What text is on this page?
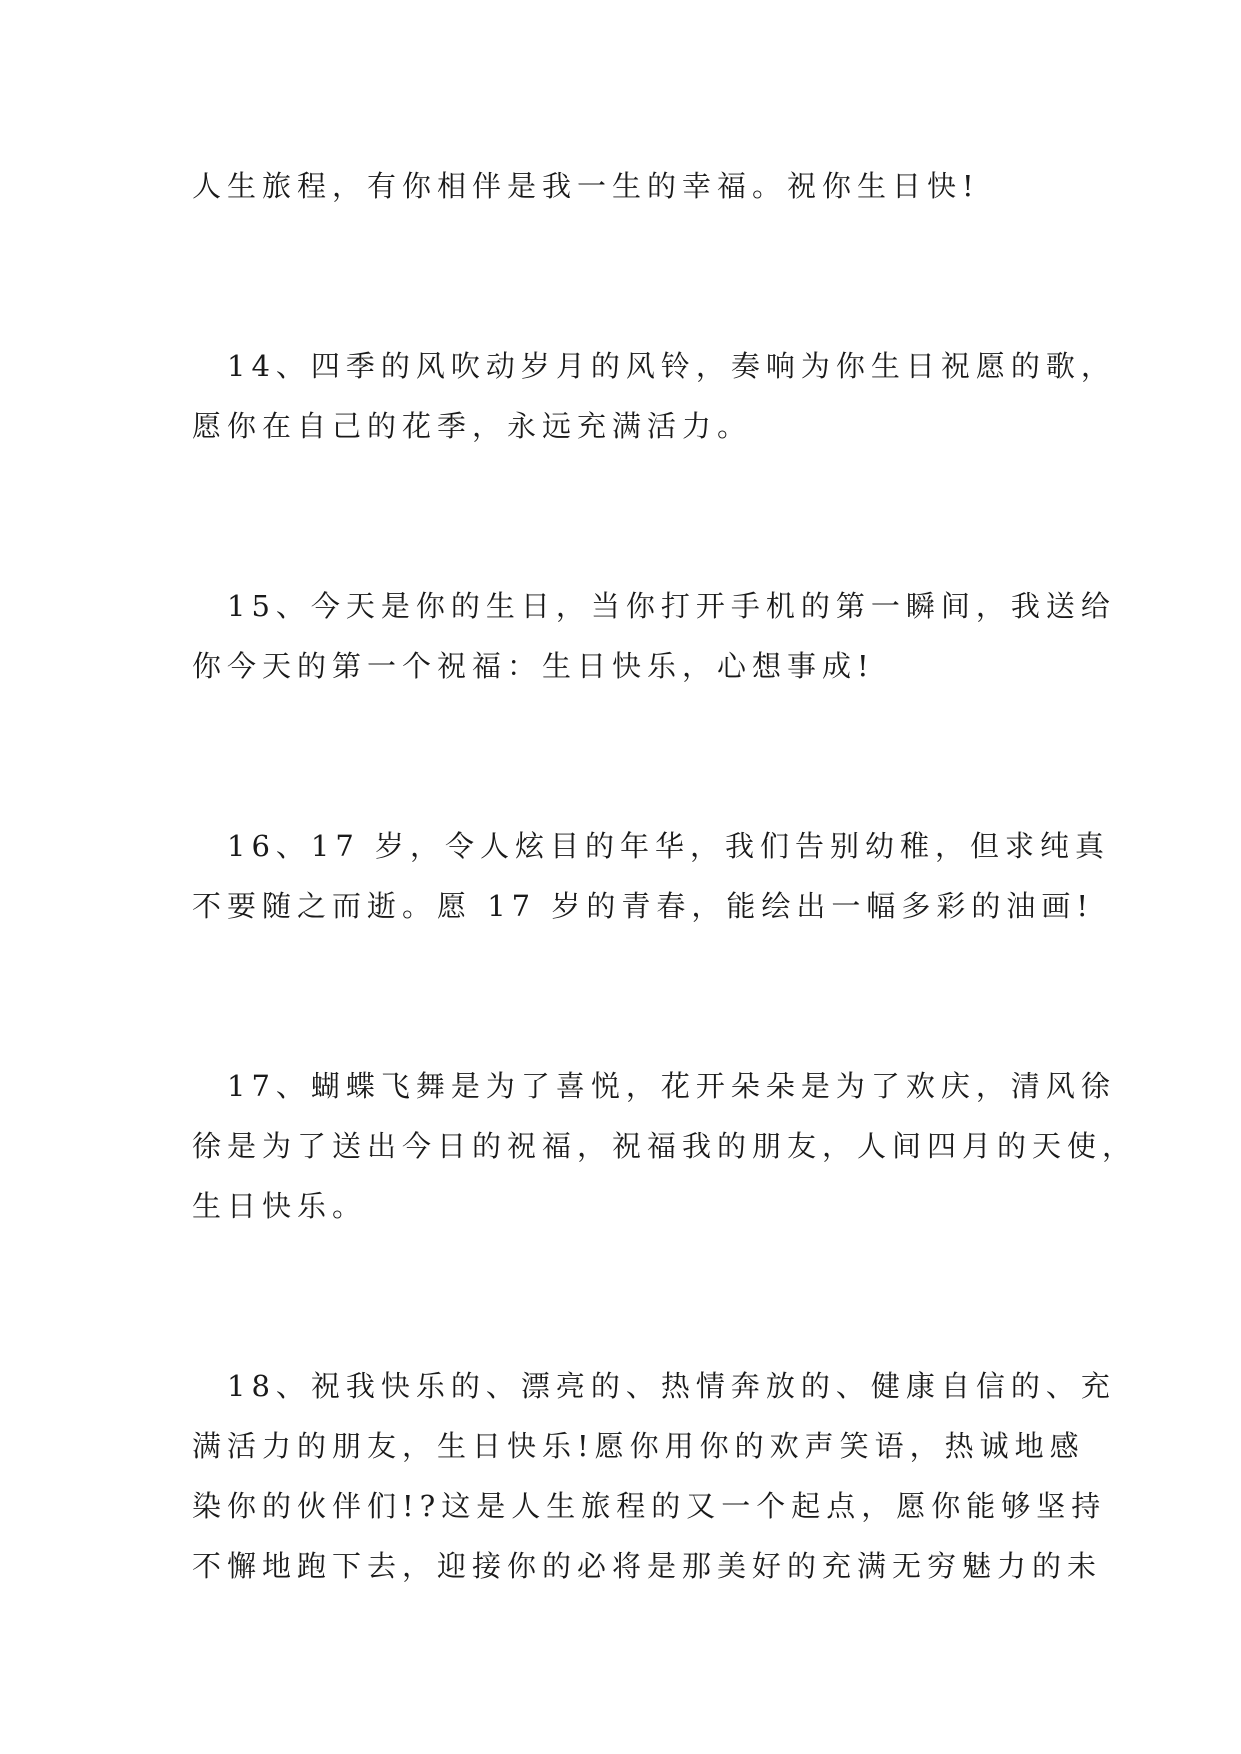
人生旅程，有你相伴是我一生的幸福。祝你生日快!

　14、四季的风吹动岁月的风铃，奏响为你生日祝愿的歌，
愿你在自己的花季，永远充满活力。

　15、今天是你的生日，当你打开手机的第一瞬间，我送给
你今天的第一个祝福：生日快乐，心想事成!

　16、17 岁，令人炫目的年华，我们告别幼稚，但求纯真
不要随之而逝。愿 17 岁的青春，能绘出一幅多彩的油画!

　17、蝴蝶飞舞是为了喜悦，花开朵朵是为了欢庆，清风徐
徐是为了送出今日的祝福，祝福我的朋友，人间四月的天使，
生日快乐。

　18、祝我快乐的、漂亮的、热情奔放的、健康自信的、充
满活力的朋友，生日快乐!愿你用你的欢声笑语，热诚地感
染你的伙伴们!?这是人生旅程的又一个起点，愿你能够坚持
不懈地跑下去，迎接你的必将是那美好的充满无穷魅力的未
